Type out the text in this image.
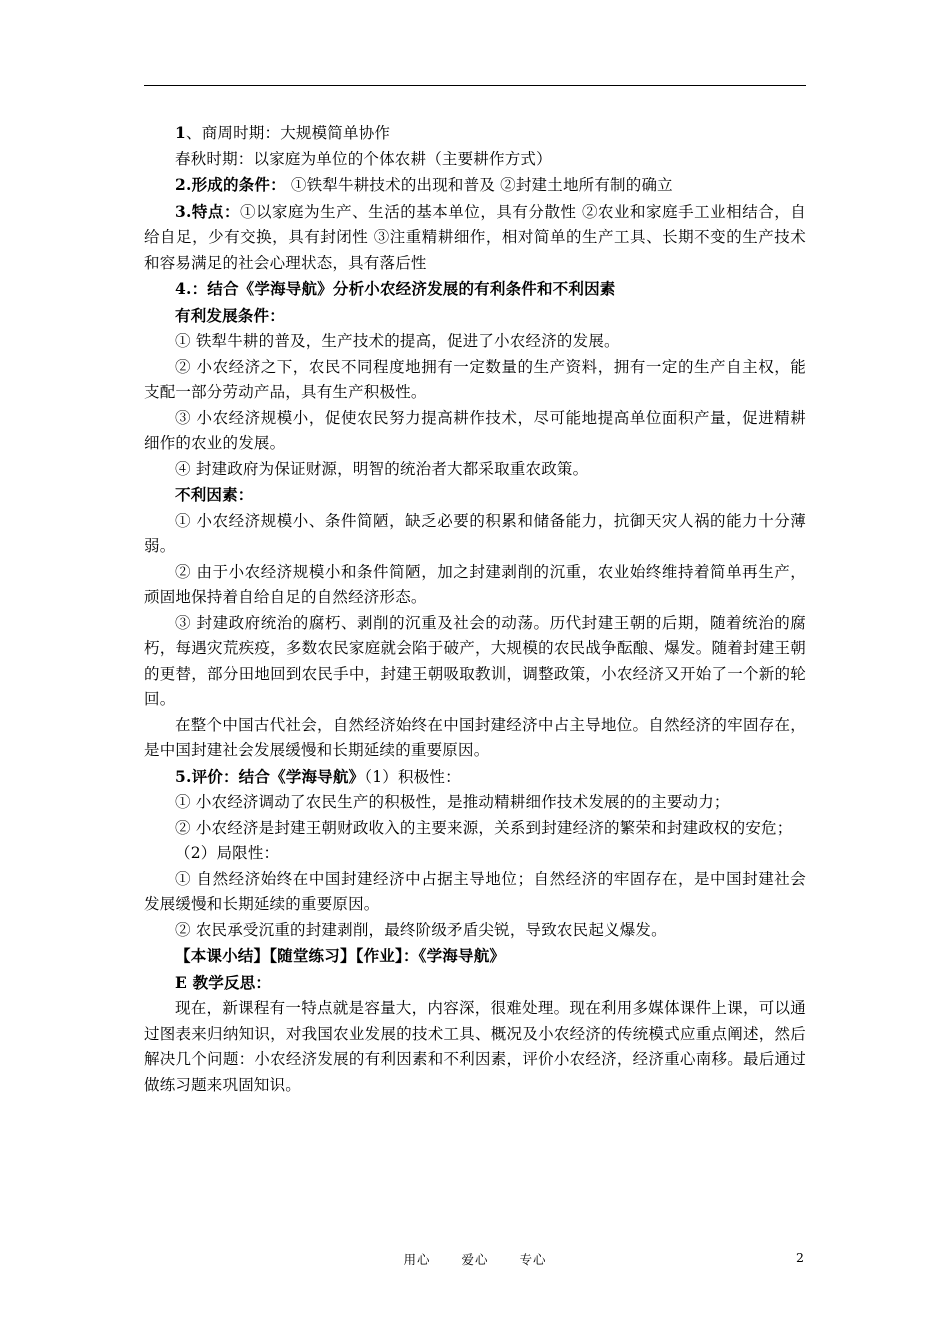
1、商周时期：大规模简单协作

春秋时期：以家庭为单位的个体农耕（主要耕作方式）

2.形成的条件： ①铁犁牛耕技术的出现和普及 ②封建土地所有制的确立

3.特点：①以家庭为生产、生活的基本单位，具有分散性 ②农业和家庭手工业相结合，自给自足，少有交换，具有封闭性 ③注重精耕细作，相对简单的生产工具、长期不变的生产技术和容易满足的社会心理状态，具有落后性

4.：结合《学海导航》分析小农经济发展的有利条件和不利因素

有利发展条件：

① 铁犁牛耕的普及，生产技术的提高，促进了小农经济的发展。

② 小农经济之下，农民不同程度地拥有一定数量的生产资料，拥有一定的生产自主权，能支配一部分劳动产品，具有生产积极性。

③ 小农经济规模小，促使农民努力提高耕作技术，尽可能地提高单位面积产量，促进精耕细作的农业的发展。

④ 封建政府为保证财源，明智的统治者大都采取重农政策。

不利因素：

① 小农经济规模小、条件简陋，缺乏必要的积累和储备能力，抗御天灾人祸的能力十分薄弱。

② 由于小农经济规模小和条件简陋，加之封建剥削的沉重，农业始终维持着简单再生产，顽固地保持着自给自足的自然经济形态。

③ 封建政府统治的腐朽、剥削的沉重及社会的动荡。历代封建王朝的后期，随着统治的腐朽，每遇灾荒疾疫，多数农民家庭就会陷于破产，大规模的农民战争酝酿、爆发。随着封建王朝的更替，部分田地回到农民手中，封建王朝吸取教训，调整政策，小农经济又开始了一个新的轮回。

在整个中国古代社会，自然经济始终在中国封建经济中占主导地位。自然经济的牢固存在，是中国封建社会发展缓慢和长期延续的重要原因。

5.评价：结合《学海导航》（1）积极性：

① 小农经济调动了农民生产的积极性，是推动精耕细作技术发展的的主要动力；

② 小农经济是封建王朝财政收入的主要来源，关系到封建经济的繁荣和封建政权的安危；

（2）局限性：

① 自然经济始终在中国封建经济中占据主导地位；自然经济的牢固存在，是中国封建社会发展缓慢和长期延续的重要原因。

② 农民承受沉重的封建剥削，最终阶级矛盾尖锐，导致农民起义爆发。

【本课小结】【随堂练习】【作业】：《学海导航》

E 教学反思：

现在，新课程有一特点就是容量大，内容深，很难处理。现在利用多媒体课件上课，可以通过图表来归纳知识，对我国农业发展的技术工具、概况及小农经济的传统模式应重点阐述，然后解决几个问题：小农经济发展的有利因素和不利因素，评价小农经济，经济重心南移。最后通过做练习题来巩固知识。

用心 爱心 专心	2
